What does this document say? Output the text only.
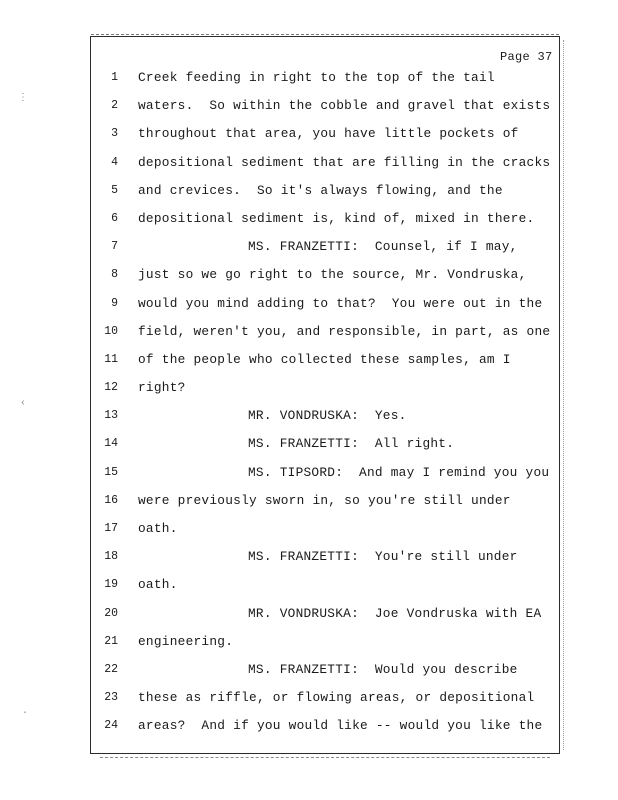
⋮
‹
·
Page 37
1 Creek feeding in right to the top of the tail
2 waters.  So within the cobble and gravel that exists
3 throughout that area, you have little pockets of
4 depositional sediment that are filling in the cracks
5 and crevices.  So it's always flowing, and the
6 depositional sediment is, kind of, mixed in there.
7	MS. FRANZETTI:  Counsel, if I may,
8 just so we go right to the source, Mr. Vondruska,
9 would you mind adding to that?  You were out in the
10 field, weren't you, and responsible, in part, as one
11 of the people who collected these samples, am I
12 right?
13	MR. VONDRUSKA:  Yes.
14	MS. FRANZETTI:  All right.
15	MS. TIPSORD:  And may I remind you you
16 were previously sworn in, so you're still under
17 oath.
18	MS. FRANZETTI:  You're still under
19 oath.
20	MR. VONDRUSKA:  Joe Vondruska with EA
21 engineering.
22	MS. FRANZETTI:  Would you describe
23 these as riffle, or flowing areas, or depositional
24 areas?  And if you would like -- would you like the
